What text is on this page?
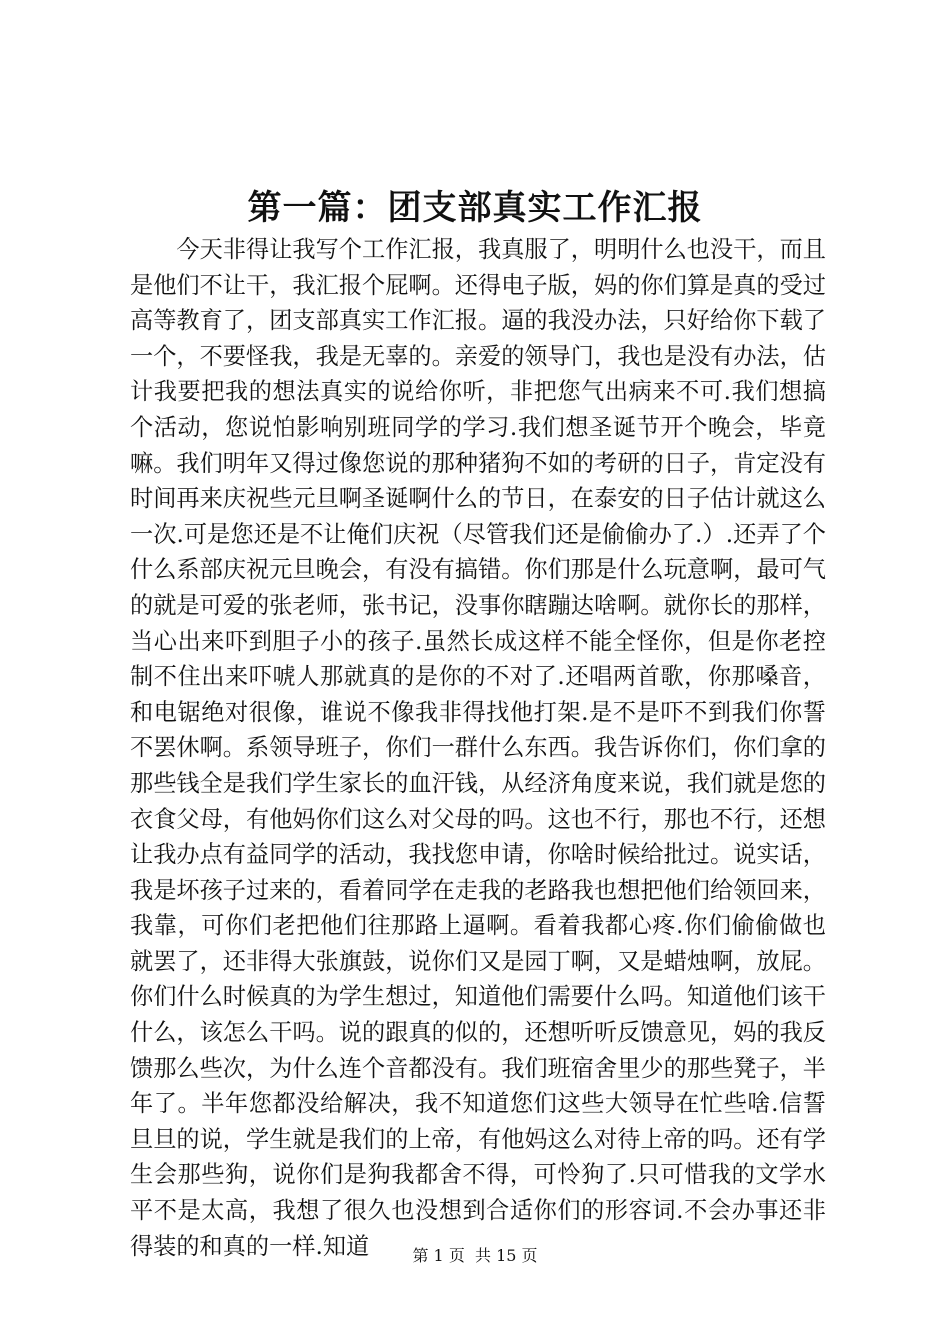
第一篇：团支部真实工作汇报

今天非得让我写个工作汇报，我真服了，明明什么也没干，而且是他们不让干，我汇报个屁啊。还得电子版，妈的你们算是真的受过高等教育了，团支部真实工作汇报。逼的我没办法，只好给你下载了一个，不要怪我，我是无辜的。亲爱的领导门，我也是没有办法，估计我要把我的想法真实的说给你听，非把您气出病来不可.我们想搞个活动，您说怕影响别班同学的学习.我们想圣诞节开个晚会，毕竟嘛。我们明年又得过像您说的那种猪狗不如的考研的日子，肯定没有时间再来庆祝些元旦啊圣诞啊什么的节日，在泰安的日子估计就这么一次.可是您还是不让俺们庆祝（尽管我们还是偷偷办了.）.还弄了个什么系部庆祝元旦晚会，有没有搞错。你们那是什么玩意啊，最可气的就是可爱的张老师，张书记，没事你瞎蹦达啥啊。就你长的那样，当心出来吓到胆子小的孩子.虽然长成这样不能全怪你，但是你老控制不住出来吓唬人那就真的是你的不对了.还唱两首歌，你那嗓音，和电锯绝对很像，谁说不像我非得找他打架.是不是吓不到我们你誓不罢休啊。系领导班子，你们一群什么东西。我告诉你们，你们拿的那些钱全是我们学生家长的血汗钱，从经济角度来说，我们就是您的衣食父母，有他妈你们这么对父母的吗。这也不行，那也不行，还想让我办点有益同学的活动，我找您申请，你啥时候给批过。说实话，我是坏孩子过来的，看着同学在走我的老路我也想把他们给领回来，我靠，可你们老把他们往那路上逼啊。看着我都心疼.你们偷偷做也就罢了，还非得大张旗鼓，说你们又是园丁啊，又是蜡烛啊，放屁。你们什么时候真的为学生想过，知道他们需要什么吗。知道他们该干什么，该怎么干吗。说的跟真的似的，还想听听反馈意见，妈的我反馈那么些次，为什么连个音都没有。我们班宿舍里少的那些凳子，半年了。半年您都没给解决，我不知道您们这些大领导在忙些啥.信誓旦旦的说，学生就是我们的上帝，有他妈这么对待上帝的吗。还有学生会那些狗，说你们是狗我都舍不得，可怜狗了.只可惜我的文学水平不是太高，我想了很久也没想到合适你们的形容词.不会办事还非得装的和真的一样.知道	第 1 页  共 15 页
